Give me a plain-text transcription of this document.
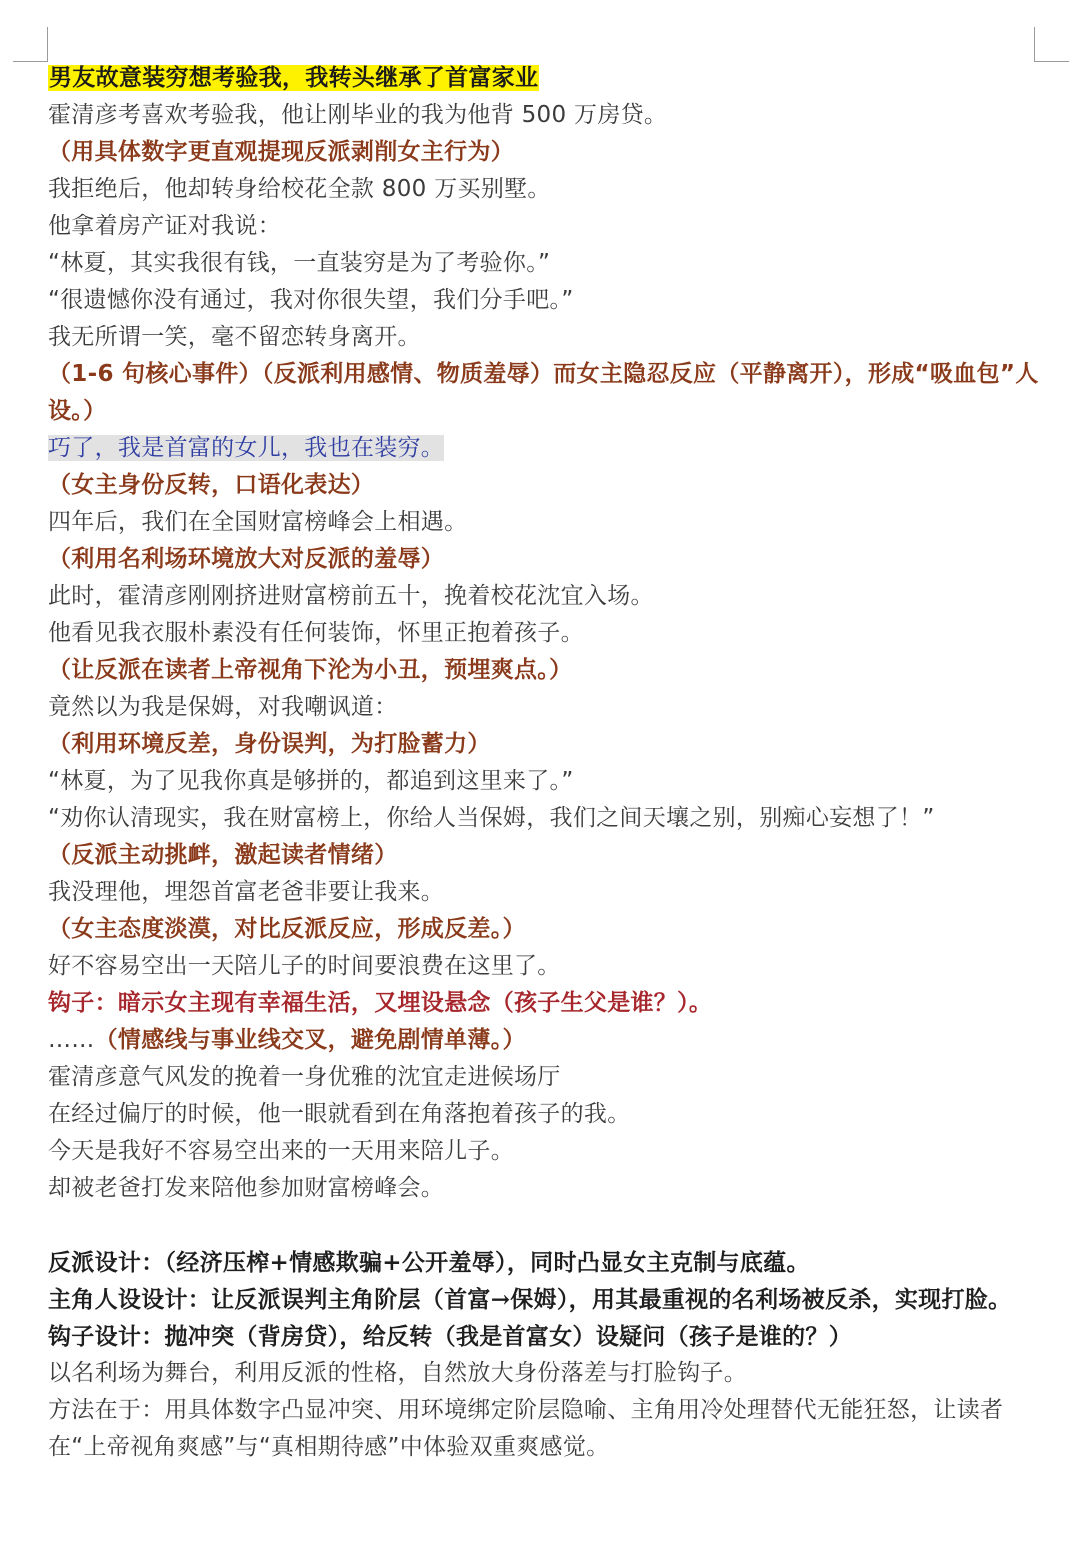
男友故意装穷想考验我，我转头继承了首富家业
霍清彦考喜欢考验我，他让刚毕业的我为他背 500 万房贷。
（用具体数字更直观提现反派剥削女主行为）
我拒绝后，他却转身给校花全款 800 万买别墅。
他拿着房产证对我说：
“林夏，其实我很有钱，一直装穷是为了考验你。”
“很遗憾你没有通过，我对你很失望，我们分手吧。”
我无所谓一笑，毫不留恋转身离开。
（1-6 句核心事件）（反派利用感情、物质羞辱）而女主隐忍反应（平静离开），形成“吸血包”人设。）
巧了，我是首富的女儿，我也在装穷。
（女主身份反转，口语化表达）
四年后，我们在全国财富榜峰会上相遇。
（利用名利场环境放大对反派的羞辱）
此时，霍清彦刚刚挤进财富榜前五十，挽着校花沈宜入场。
他看见我衣服朴素没有任何装饰，怀里正抱着孩子。
（让反派在读者上帝视角下沦为小丑，预埋爽点。）
竟然以为我是保姆，对我嘲讽道：
（利用环境反差，身份误判，为打脸蓄力）
“林夏，为了见我你真是够拼的，都追到这里来了。”
“劝你认清现实，我在财富榜上，你给人当保姆，我们之间天壤之别，别痴心妄想了！”
（反派主动挑衅，激起读者情绪）
我没理他，埋怨首富老爸非要让我来。
（女主态度淡漠，对比反派反应，形成反差。）
好不容易空出一天陪儿子的时间要浪费在这里了。
钩子：暗示女主现有幸福生活，又埋设悬念（孩子生父是谁？）。
……（情感线与事业线交叉，避免剧情单薄。）
霍清彦意气风发的挽着一身优雅的沈宜走进候场厅
在经过偏厅的时候，他一眼就看到在角落抱着孩子的我。
今天是我好不容易空出来的一天用来陪儿子。
却被老爸打发来陪他参加财富榜峰会。
反派设计：（经济压榨+情感欺骗+公开羞辱），同时凸显女主克制与底蕴。
主角人设设计：让反派误判主角阶层（首富→保姆），用其最重视的名利场被反杀，实现打脸。
钩子设计：抛冲突（背房贷），给反转（我是首富女）设疑问（孩子是谁的？）
以名利场为舞台，利用反派的性格，自然放大身份落差与打脸钩子。
方法在于：用具体数字凸显冲突、用环境绑定阶层隐喻、主角用冷处理替代无能狂怒，让读者在“上帝视角爽感”与“真相期待感”中体验双重爽感觉。
